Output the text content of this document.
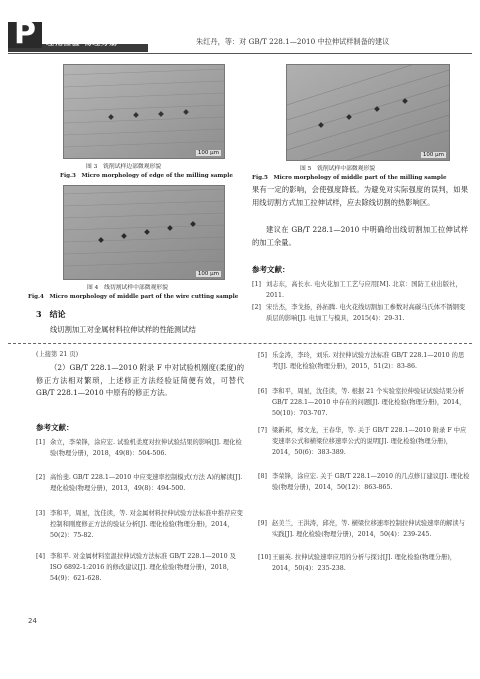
P 理化检验-物理分册	朱红丹，等：对 GB/T 228.1—2010 中拉伸试样制备的建议
100 μm
图 3　铣削试样边部微观形貌
Fig.3　Micro morphology of edge of the milling sample
100 μm
图 4　线切割试样中部微观形貌
Fig.4　Micro morphology of middle part of the wire cutting sample
100 μm
图 5　铣削试样中部微观形貌
Fig.5　Micro morphology of middle part of the milling sample
果有一定的影响，会使强度降低。为避免对实际强度的误判，如果用线切割方式加工拉伸试样，应去除线切割的热影响区。
建议在 GB/T 228.1—2010 中明确给出线切割加工拉伸试样的加工余量。
参考文献：
[1] 刘志东，高长水. 电火花加工工艺与应用[M]. 北京：国防工业出版社，2011.
[2] 宋岳杰，李戈扬，孙拓腾. 电火花线切割加工参数对高碳马氏体不锈钢变质层的影响[J]. 电加工与模具，2015(4)：29-31.
3　结论
线切割加工对金属材料拉伸试样的性能测试结
(上接第 21 页)
（2）GB/T 228.1—2010 附录 F 中对试验机刚度(柔度)的修正方法相对繁琐，上述修正方法经验证简便有效，可替代 GB/T 228.1—2010 中原有的修正方法。
参考文献：
[1] 余立，李荣锋，涂应宏. 试验机柔度对拉伸试验结果的影响[J]. 理化检验(物理分册)，2018，49(8)：504-506.
[2] 高怡斐. GB/T 228.1—2010 中应变速率控制模式(方法 A)的解读[J]. 理化检验(物理分册)，2013，49(8)：494-500.
[3] 李和平，周星，沈佳读，等. 对金属材料拉伸试验方法标准中推荐应变控制和刚度修正方法的验证分析[J]. 理化检验(物理分册)，2014，50(2)：75-82.
[4] 李和平. 对金属材料室温拉伸试验方法标准 GB/T 228.1—2010 及 ISO 6892-1:2016 的修改建议[J]. 理化检验(物理分册)，2018，54(9)：621-628.
[5] 乐金涛，李玲，刘乐. 对拉伸试验方法标准 GB/T 228.1—2010 的思考[J]. 理化检验(物理分册)，2015，51(2)：83-86.
[6] 李和平，周星，沈佳读，等. 根据 21 个实验室拉伸验证试验结果分析 GB/T 228.1—2010 中存在的问题[J]. 理化检验(物理分册)，2014，50(10)：703-707.
[7] 梁新邦，郑文龙，王春华，等. 关于 GB/T 228.1—2010 附录 F 中应变速率公式和横梁位移速率公式的说明[J]. 理化检验(物理分册)，2014，50(6)：383-389.
[8] 李荣锋，涂应宏. 关于 GB/T 228.1—2010 的几点修订建议[J]. 理化检验(物理分册)，2014，50(12)：863-865.
[9] 赵美兰，王洪涛，邱亮，等. 横梁位移速率控制拉伸试验速率的解读与实践[J]. 理化检验(物理分册)，2014，50(4)：239-245.
[10] 王丽英. 拉伸试验速率应用的分析与探讨[J]. 理化检验(物理分册)，2014，50(4)：235-238.
24
